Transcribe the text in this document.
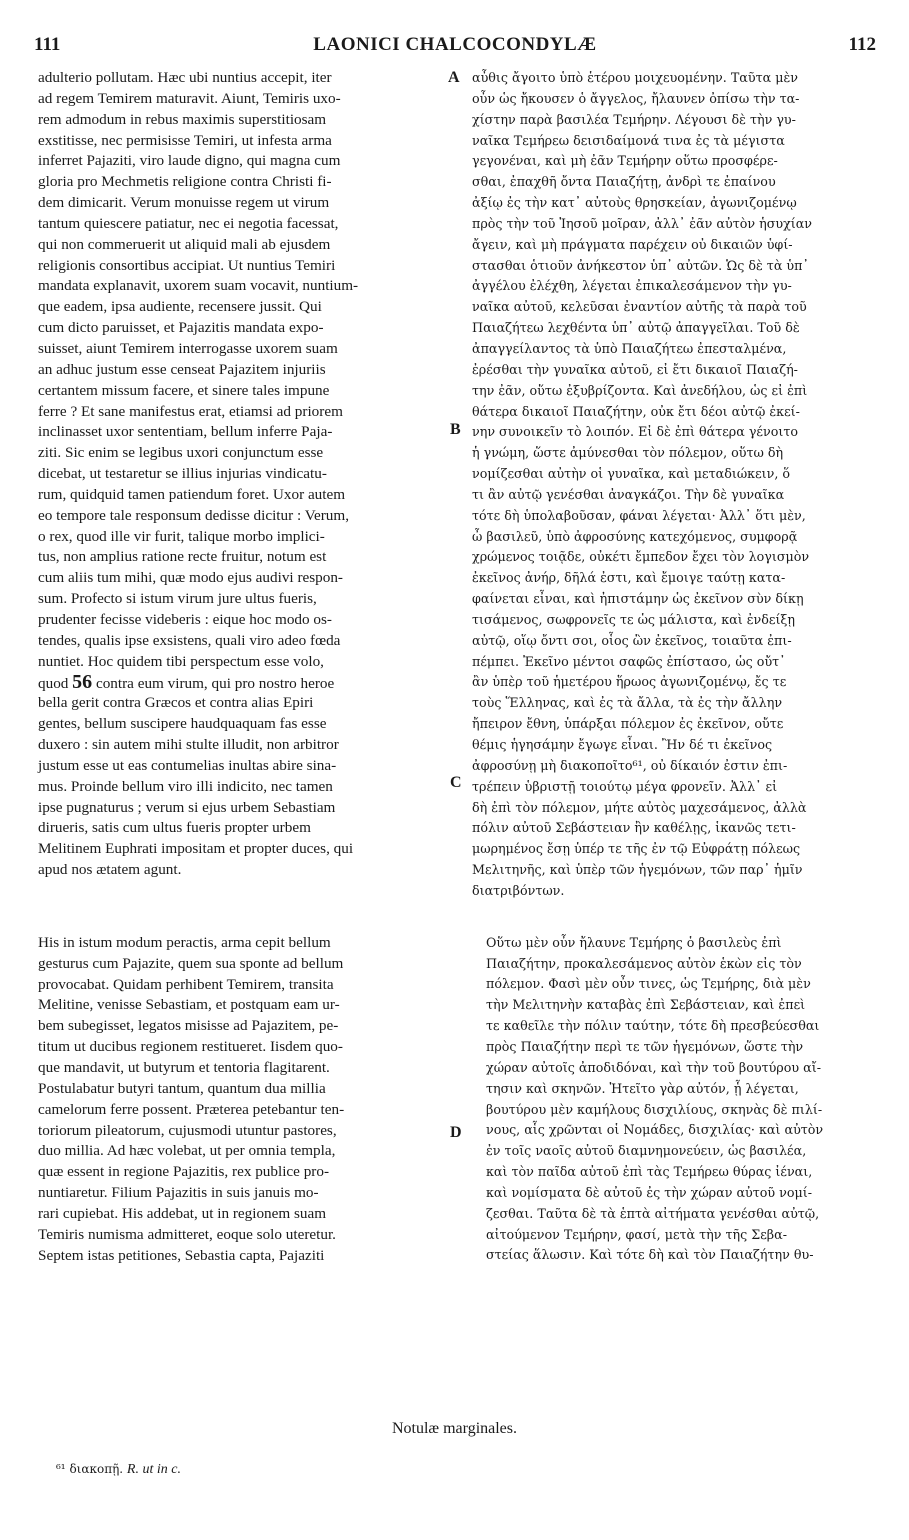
111	LAONICI CHALCOCONDYLÆ	112
adulterio pollutam. Hæc ubi nuntius accepit, iter
ad regem Temirem maturavit. Aiunt, Temiris uxo-
rem admodum in rebus maximis superstitiosam
exstitisse, nec permisisse Temiri, ut infesta arma
inferret Pajaziti, viro laude digno, qui magna cum
gloria pro Mechmetis religione contra Christi fi-
dem dimicarit. Verum monuisse regem ut virum
tantum quiescere patiatur, nec ei negotia facessat,
qui non commeruerit ut aliquid mali ab ejusdem
religionis consortibus accipiat. Ut nuntius Temiri
mandata explanavit, uxorem suam vocavit, nuntium-
que eadem, ipsa audiente, recensere jussit. Qui
cum dicto paruisset, et Pajazitis mandata expo-
suisset, aiunt Temirem interrogasse uxorem suam
an adhuc justum esse censeat Pajazitem injuriis
certantem missum facere, et sinere tales impune
ferre ? Et sane manifestus erat, etiamsi ad priorem
inclinasset uxor sententiam, bellum inferre Paja-
ziti. Sic enim se legibus uxori conjunctum esse
dicebat, ut testaretur se illius injurias vindicatu-
rum, quidquid tamen patiendum foret. Uxor autem
eo tempore tale responsum dedisse dicitur : Verum,
o rex, quod ille vir furit, talique morbo implici-
tus, non amplius ratione recte fruitur, notum est
cum aliis tum mihi, quæ modo ejus audivi respon-
sum. Profecto si istum virum jure ultus fueris,
prudenter fecisse videberis : eique hoc modo os-
tendes, qualis ipse exsistens, quali viro adeo fœda
nuntiet. Hoc quidem tibi perspectum esse volo,
quod 56 contra eum virum, qui pro nostro heroe
bella gerit contra Græcos et contra alias Epiri
gentes, bellum suscipere haudquaquam fas esse
duxero : sin autem mihi stulte illudit, non arbitror
justum esse ut eas contumelias inultas abire sina-
mus. Proinde bellum viro illi indicito, nec tamen
ipse pugnaturus ; verum si ejus urbem Sebastiam
dirueris, satis cum ultus fueris propter urbem
Melitinem Euphrati impositam et propter duces, qui
apud nos ætatem agunt.
His in istum modum peractis, arma cepit bellum
gesturus cum Pajazite, quem sua sponte ad bellum
provocabat. Quidam perhibent Temirem, transita
Melitine, venisse Sebastiam, et postquam eam ur-
bem subegisset, legatos misisse ad Pajazitem, pe-
titum ut ducibus regionem restitueret. Iisdem quo-
que mandavit, ut butyrum et tentoria flagitarent.
Postulabatur butyri tantum, quantum dua millia
camelorum ferre possent. Præterea petebantur ten-
toriorum pileatorum, cujusmodi utuntur pastores,
duo millia. Ad hæc volebat, ut per omnia templa,
quæ essent in regione Pajazitis, rex publice pro-
nuntiaretur. Filium Pajazitis in suis januis mo-
rari cupiebat. His addebat, ut in regionem suam
Temiris numisma admitteret, eoque solo uteretur.
Septem istas petitiones, Sebastia capta, Pajaziti
αὖθις ἄγοιτο ὑπὸ ἑτέρου μοιχευομένην. Ταῦτα μὲν
οὖν ὡς ἤκουσεν ὁ ἄγγελος, ἤλαυνεν ὀπίσω τὴν τα-
χίστην παρὰ βασιλέα Τεμήρην. Λέγουσι δὲ τὴν γυ-
ναῖκα Τεμήρεω δεισιδαίμονά τινα ἐς τὰ μέγιστα
γεγονέναι, καὶ μὴ ἐᾶν Τεμήρην οὕτω προσφέρε-
σθαι, ἐπαχθῆ ὄντα Παιαζήτῃ, ἀνδρὶ τε ἐπαίνου
ἀξίῳ ἐς τὴν κατ᾽ αὐτοὺς θρησκείαν, ἀγωνιζομένῳ
πρὸς τὴν τοῦ Ἰησοῦ μοῖραν, ἀλλ᾽ ἐᾶν αὐτὸν ἡσυχίαν
ἄγειν, καὶ μὴ πράγματα παρέχειν οὐ δικαιῶν ὑφί-
στασθαι ὁτιοῦν ἀνήκεστον ὑπ᾽ αὐτῶν. Ὡς δὲ τὰ ὑπ᾽
ἀγγέλου ἐλέχθη, λέγεται ἐπικαλεσάμενον τὴν γυ-
ναῖκα αὐτοῦ, κελεῦσαι ἐναντίον αὐτῆς τὰ παρὰ τοῦ
Παιαζήτεω λεχθέντα ὑπ᾽ αὐτῷ ἀπαγγεῖλαι. Τοῦ δὲ
ἀπαγγείλαντος τὰ ὑπὸ Παιαζήτεω ἐπεσταλμένα,
ἐρέσθαι τὴν γυναῖκα αὐτοῦ, εἰ ἔτι δικαιοῖ Παιαζή-
την ἐᾶν, οὕτω ἐξυβρίζοντα. Καὶ ἀνεδήλου, ὡς εἰ ἐπὶ
θάτερα δικαιοῖ Παιαζήτην, οὐκ ἔτι δέοι αὐτῷ ἐκεί-
νην συνοικεῖν τὸ λοιπόν. Εἰ δὲ ἐπὶ θάτερα γένοιτο
ἡ γνώμη, ὥστε ἀμύνεσθαι τὸν πόλεμον, οὕτω δὴ
νομίζεσθαι αὐτὴν οἱ γυναῖκα, καὶ μεταδιώκειν, ὅ
τι ἂν αὐτῷ γενέσθαι ἀναγκάζοι. Τὴν δὲ γυναῖκα
τότε δὴ ὑπολαβοῦσαν, φάναι λέγεται· Ἀλλ᾽ ὅτι μὲν,
ὦ βασιλεῦ, ὑπὸ ἀφροσύνης κατεχόμενος, συμφορᾷ
χρώμενος τοιᾷδε, οὐκέτι ἔμπεδον ἔχει τὸν λογισμὸν
ἐκεῖνος ἀνήρ, δῆλά ἐστι, καὶ ἔμοιγε ταύτῃ κατα-
φαίνεται εἶναι, καὶ ἠπιστάμην ὡς ἐκεῖνον σὺν δίκῃ
τισάμενος, σωφρονεῖς τε ὡς μάλιστα, καὶ ἐνδείξῃ
αὐτῷ, οἵῳ ὄντι σοι, οἷος ὢν ἐκεῖνος, τοιαῦτα ἐπι-
πέμπει. Ἐκεῖνο μέντοι σαφῶς ἐπίστασο, ὡς οὔτ᾽
ἂν ὑπὲρ τοῦ ἡμετέρου ἥρωος ἀγωνιζομένῳ, ἔς τε
τοὺς Ἕλληνας, καὶ ἐς τὰ ἄλλα, τὰ ἐς τὴν ἄλλην
ἤπειρον ἔθνη, ὑπάρξαι πόλεμον ἐς ἐκεῖνον, οὔτε
θέμις ἡγησάμην ἔγωγε εἶναι. Ἢν δέ τι ἐκεῖνος
ἀφροσύνῃ μὴ διακοποῖτο⁶¹, οὐ δίκαιόν ἐστιν ἐπι-
τρέπειν ὑβριστῇ τοιούτῳ μέγα φρονεῖν. Ἀλλ᾽ εἰ
δὴ ἐπὶ τὸν πόλεμον, μήτε αὐτὸς μαχεσάμενος, ἀλλὰ
πόλιν αὐτοῦ Σεβάστειαν ἢν καθέλῃς, ἱκανῶς τετι-
μωρημένος ἔσῃ ὑπέρ τε τῆς ἐν τῷ Εὐφράτῃ πόλεως
Μελιτηνῆς, καὶ ὑπὲρ τῶν ἡγεμόνων, τῶν παρ᾽ ἡμῖν
διατριβόντων.
Οὕτω μὲν οὖν ἤλαυνε Τεμήρης ὁ βασιλεὺς ἐπὶ
Παιαζήτην, προκαλεσάμενος αὐτὸν ἑκὼν εἰς τὸν
πόλεμον. Φασὶ μὲν οὖν τινες, ὡς Τεμήρης, διὰ μὲν
τὴν Μελιτηνὴν καταβὰς ἐπὶ Σεβάστειαν, καὶ ἐπεὶ
τε καθεῖλε τὴν πόλιν ταύτην, τότε δὴ πρεσβεύεσθαι
πρὸς Παιαζήτην περὶ τε τῶν ἡγεμόνων, ὥστε τὴν
χώραν αὐτοῖς ἀποδιδόναι, καὶ τὴν τοῦ βουτύρου αἴ-
τησιν καὶ σκηνῶν. Ἠτεῖτο γὰρ αὐτόν, ᾗ λέγεται,
βουτύρου μὲν καμήλους δισχιλίους, σκηνὰς δὲ πιλί-
νους, αἷς χρῶνται οἱ Νομάδες, δισχιλίας· καὶ αὐτὸν
ἐν τοῖς ναοῖς αὐτοῦ διαμνημονεύειν, ὡς βασιλέα,
καὶ τὸν παῖδα αὐτοῦ ἐπὶ τὰς Τεμήρεω θύρας ἰέναι,
καὶ νομίσματα δὲ αὐτοῦ ἐς τὴν χώραν αὐτοῦ νομί-
ζεσθαι. Ταῦτα δὲ τὰ ἑπτὰ αἰτήματα γενέσθαι αὐτῷ,
αἰτούμενον Τεμήρην, φασί, μετὰ τὴν τῆς Σεβα-
στείας ἅλωσιν. Καὶ τότε δὴ καὶ τὸν Παιαζήτην θυ-
A
B
C
D
Notulæ marginales.
⁶¹ διακοπῇ. R. ut in c.
